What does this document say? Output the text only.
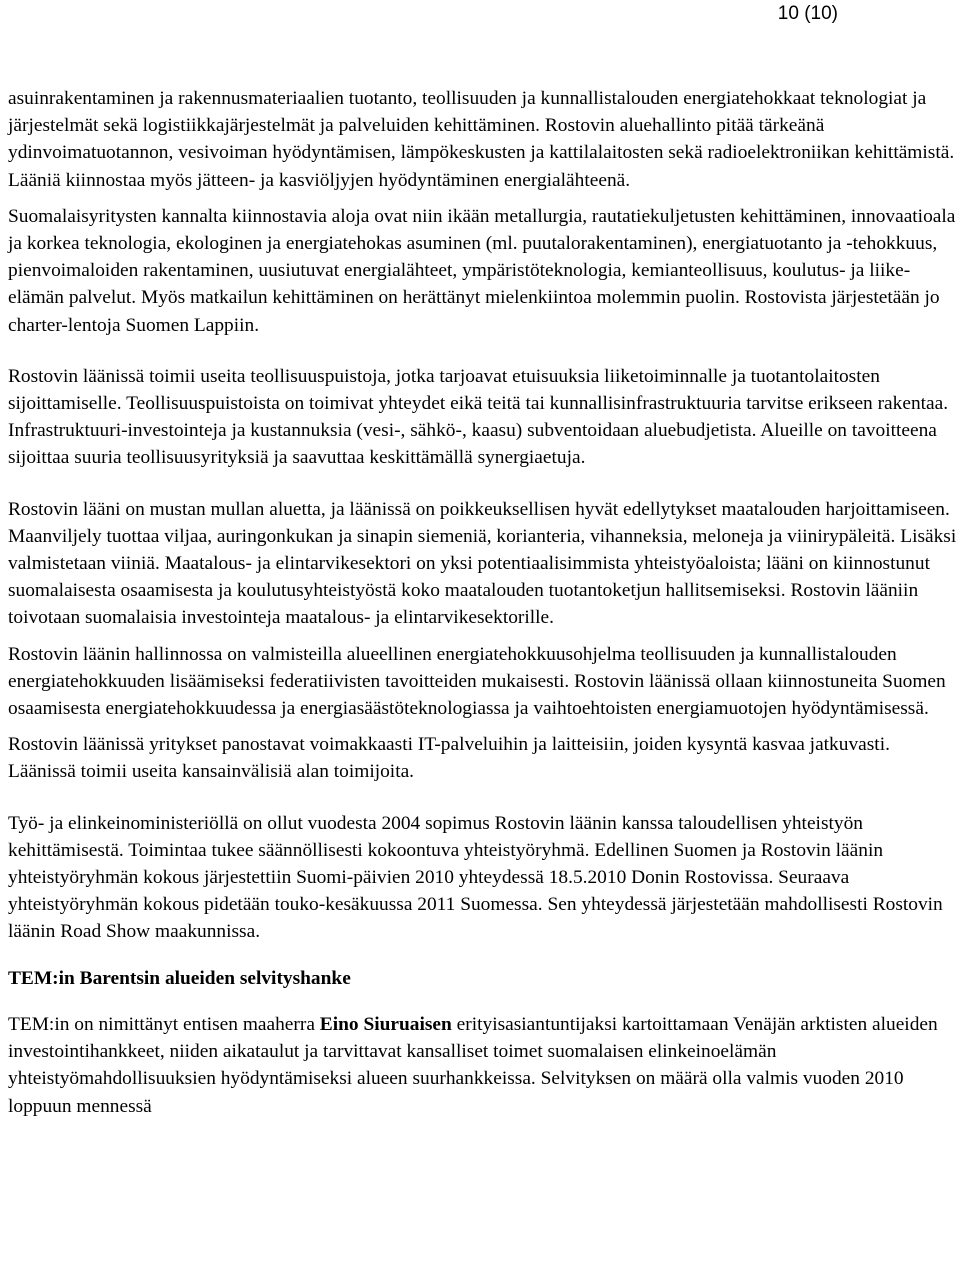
10 (10)

asuinrakentaminen ja rakennusmateriaalien tuotanto, teollisuuden ja kunnallistalouden energiatehokkaat teknologiat ja järjestelmät sekä logistiikkajärjestelmät ja palveluiden kehittäminen. Rostovin aluehallinto pitää tärkeänä ydinvoimatuotannon, vesivoiman hyödyntämisen, lämpökeskusten ja kattilalaitosten sekä radioelektroniikan kehittämistä. Lääniä kiinnostaa myös jätteen- ja kasviöljyjen hyödyntäminen energialähteenä.

Suomalaisyritysten kannalta kiinnostavia aloja ovat niin ikään metallurgia, rautatiekuljetusten kehittäminen, innovaatioala ja korkea teknologia, ekologinen ja energiatehokas asuminen (ml. puutalorakentaminen), energiatuotanto ja -tehokkuus, pienvoimaloiden rakentaminen, uusiutuvat energialähteet, ympäristöteknologia, kemianteollisuus, koulutus- ja liike-elämän palvelut. Myös matkailun kehittäminen on herättänyt mielenkiintoa molemmin puolin. Rostovista järjestetään jo charter-lentoja Suomen Lappiin.

Rostovin läänissä toimii useita teollisuuspuistoja, jotka tarjoavat etuisuuksia liiketoiminnalle ja tuotantolaitosten sijoittamiselle. Teollisuuspuistoista on toimivat yhteydet eikä teitä tai kunnallisinfrastruktuuria tarvitse erikseen rakentaa. Infrastruktuuri-investointeja ja kustannuksia (vesi-, sähkö-, kaasu) subventoidaan aluebudjetista. Alueille on tavoitteena sijoittaa suuria teollisuusyrityksiä ja saavuttaa keskittämällä synergiaetuja.

Rostovin lääni on mustan mullan aluetta, ja läänissä on poikkeuksellisen hyvät edellytykset maatalouden harjoittamiseen. Maanviljely tuottaa viljaa, auringonkukan ja sinapin siemeniä, korianteria, vihanneksia, meloneja ja viinirypäleitä. Lisäksi valmistetaan viiniä. Maatalous- ja elintarvikesektori on yksi potentiaalisimmista yhteistyöaloista; lääni on kiinnostunut suomalaisesta osaamisesta ja koulutusyhteistyöstä koko maatalouden tuotantoketjun hallitsemiseksi. Rostovin lääniin toivotaan suomalaisia investointeja maatalous- ja elintarvikesektorille.

Rostovin läänin hallinnossa on valmisteilla alueellinen energiatehokkuusohjelma teollisuuden ja kunnallistalouden energiatehokkuuden lisäämiseksi federatiivisten tavoitteiden mukaisesti. Rostovin läänissä ollaan kiinnostuneita Suomen osaamisesta energiatehokkuudessa ja energiasäästöteknologiassa ja vaihtoehtoisten energiamuotojen hyödyntämisessä.

Rostovin läänissä yritykset panostavat voimakkaasti IT-palveluihin ja laitteisiin, joiden kysyntä kasvaa jatkuvasti. Läänissä toimii useita kansainvälisiä alan toimijoita.

Työ- ja elinkeinoministeriöllä on ollut vuodesta 2004 sopimus Rostovin läänin kanssa taloudellisen yhteistyön kehittämisestä. Toimintaa tukee säännöllisesti kokoontuva yhteistyöryhmä. Edellinen Suomen ja Rostovin läänin yhteistyöryhmän kokous järjestettiin Suomi-päivien 2010 yhteydessä 18.5.2010 Donin Rostovissa. Seuraava yhteistyöryhmän kokous pidetään touko-kesäkuussa 2011 Suomessa. Sen yhteydessä järjestetään mahdollisesti Rostovin läänin Road Show maakunnissa.

TEM:in Barentsin alueiden selvityshanke

TEM:in on nimittänyt entisen maaherra Eino Siuruaisen erityisasiantuntijaksi kartoittamaan Venäjän arktisten alueiden investointihankkeet, niiden aikataulut ja tarvittavat kansalliset toimet suomalaisen elinkeinoelämän yhteistyömahdollisuuksien hyödyntämiseksi alueen suurhankkeissa. Selvityksen on määrä olla valmis vuoden 2010 loppuun mennessä
